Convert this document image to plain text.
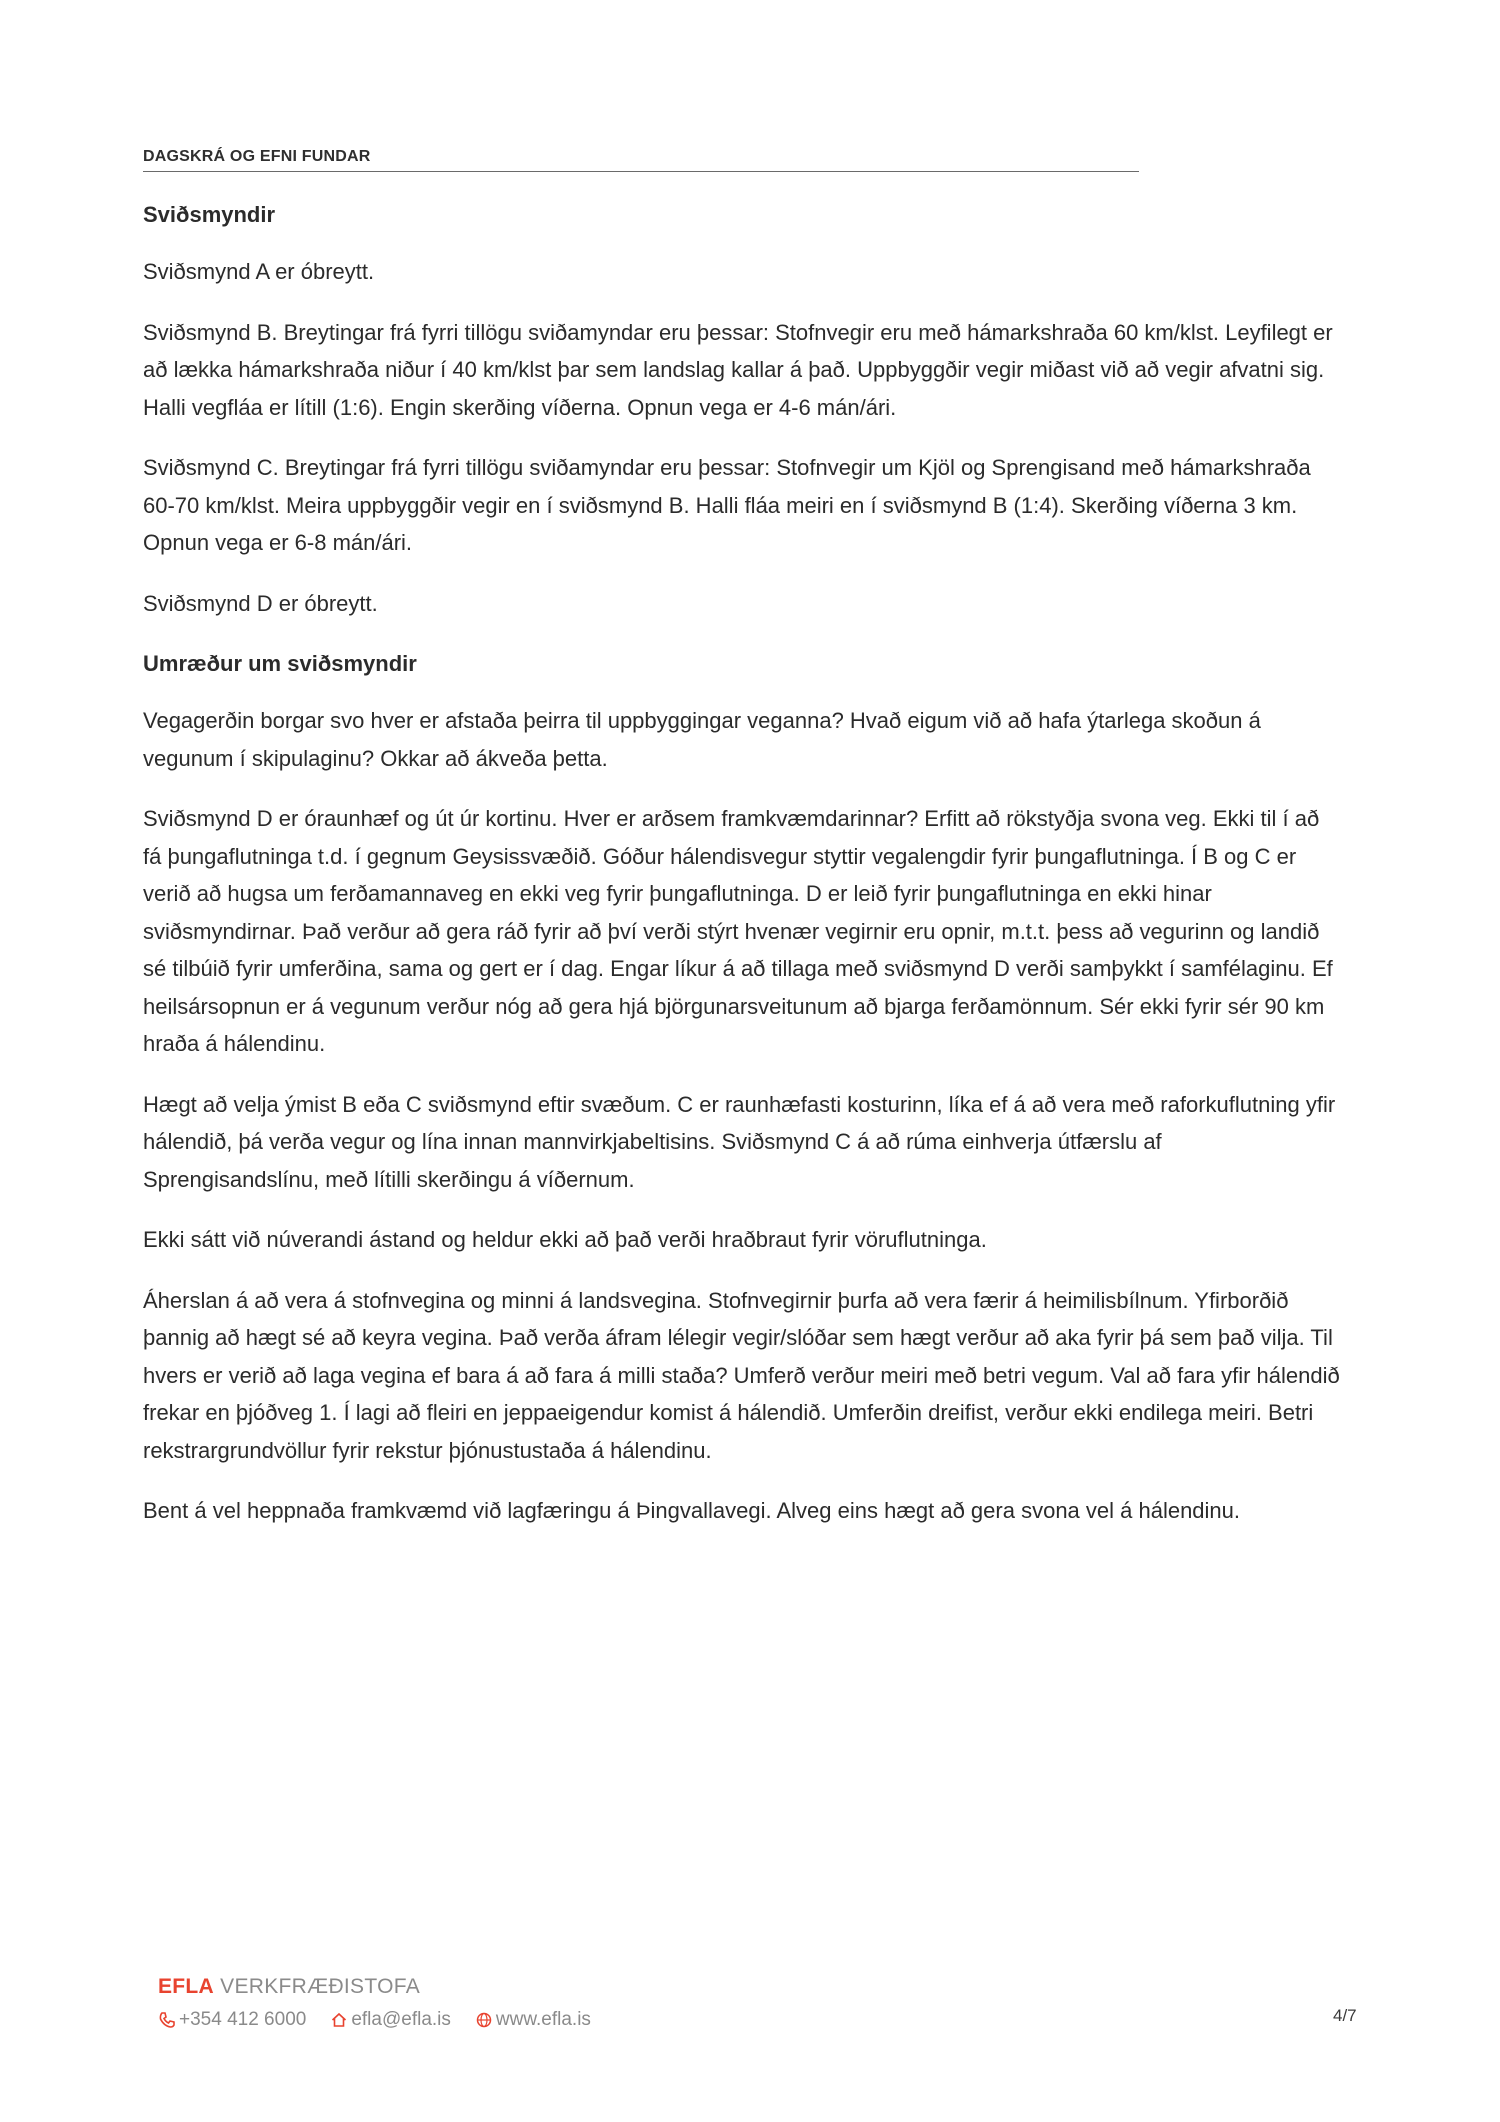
DAGSKRÁ OG EFNI FUNDAR
Sviðsmyndir

Sviðsmynd A er óbreytt.

Sviðsmynd B. Breytingar frá fyrri tillögu sviðamyndar eru þessar: Stofnvegir eru með hámarkshraða 60 km/klst. Leyfilegt er að lækka hámarkshraða niður í 40 km/klst þar sem landslag kallar á það. Uppbyggðir vegir miðast við að vegir afvatni sig. Halli vegfláa er lítill (1:6). Engin skerðing víðerna. Opnun vega er 4-6 mán/ári.

Sviðsmynd C. Breytingar frá fyrri tillögu sviðamyndar eru þessar: Stofnvegir um Kjöl og Sprengisand með hámarkshraða 60-70 km/klst. Meira uppbyggðir vegir en í sviðsmynd B. Halli fláa meiri en í sviðsmynd B (1:4). Skerðing víðerna 3 km. Opnun vega er 6-8 mán/ári.

Sviðsmynd D er óbreytt.

Umræður um sviðsmyndir

Vegagerðin borgar svo hver er afstaða þeirra til uppbyggingar veganna? Hvað eigum við að hafa ýtarlega skoðun á vegunum í skipulaginu? Okkar að ákveða þetta.

Sviðsmynd D er óraunhæf og út úr kortinu. Hver er arðsem framkvæmdarinnar? Erfitt að rökstyðja svona veg. Ekki til í að fá þungaflutninga t.d. í gegnum Geysissvæðið. Góður hálendisvegur styttir vegalengdir fyrir þungaflutninga. Í B og C er verið að hugsa um ferðamannaveg en ekki veg fyrir þungaflutninga. D er leið fyrir þungaflutninga en ekki hinar sviðsmyndirnar. Það verður að gera ráð fyrir að því verði stýrt hvenær vegirnir eru opnir, m.t.t. þess að vegurinn og landið sé tilbúið fyrir umferðina, sama og gert er í dag. Engar líkur á að tillaga með sviðsmynd D verði samþykkt í samfélaginu. Ef heilsársopnun er á vegunum verður nóg að gera hjá björgunarsveitunum að bjarga ferðamönnum. Sér ekki fyrir sér 90 km hraða á hálendinu.

Hægt að velja ýmist B eða C sviðsmynd eftir svæðum. C er raunhæfasti kosturinn, líka ef á að vera með raforkuflutning yfir hálendið, þá verða vegur og lína innan mannvirkjabeltisins. Sviðsmynd C á að rúma einhverja útfærslu af Sprengisandslínu, með lítilli skerðingu á víðernum.

Ekki sátt við núverandi ástand og heldur ekki að það verði hraðbraut fyrir vöruflutninga.

Áherslan á að vera á stofnvegina og minni á landsvegina. Stofnvegirnir þurfa að vera færir á heimilisbílnum. Yfirborðið þannig að hægt sé að keyra vegina. Það verða áfram lélegir vegir/slóðar sem hægt verður að aka fyrir þá sem það vilja. Til hvers er verið að laga vegina ef bara á að fara á milli staða? Umferð verður meiri með betri vegum. Val að fara yfir hálendið frekar en þjóðveg 1. Í lagi að fleiri en jeppaeigendur komist á hálendið. Umferðin dreifist, verður ekki endilega meiri. Betri rekstrargrundvöllur fyrir rekstur þjónustustaða á hálendinu.

Bent á vel heppnaða framkvæmd við lagfæringu á Þingvallavegi. Alveg eins hægt að gera svona vel á hálendinu.

EFLA VERKFRÆÐISTOFA
+354 412 6000 efla@efla.is www.efla.is	4/7
